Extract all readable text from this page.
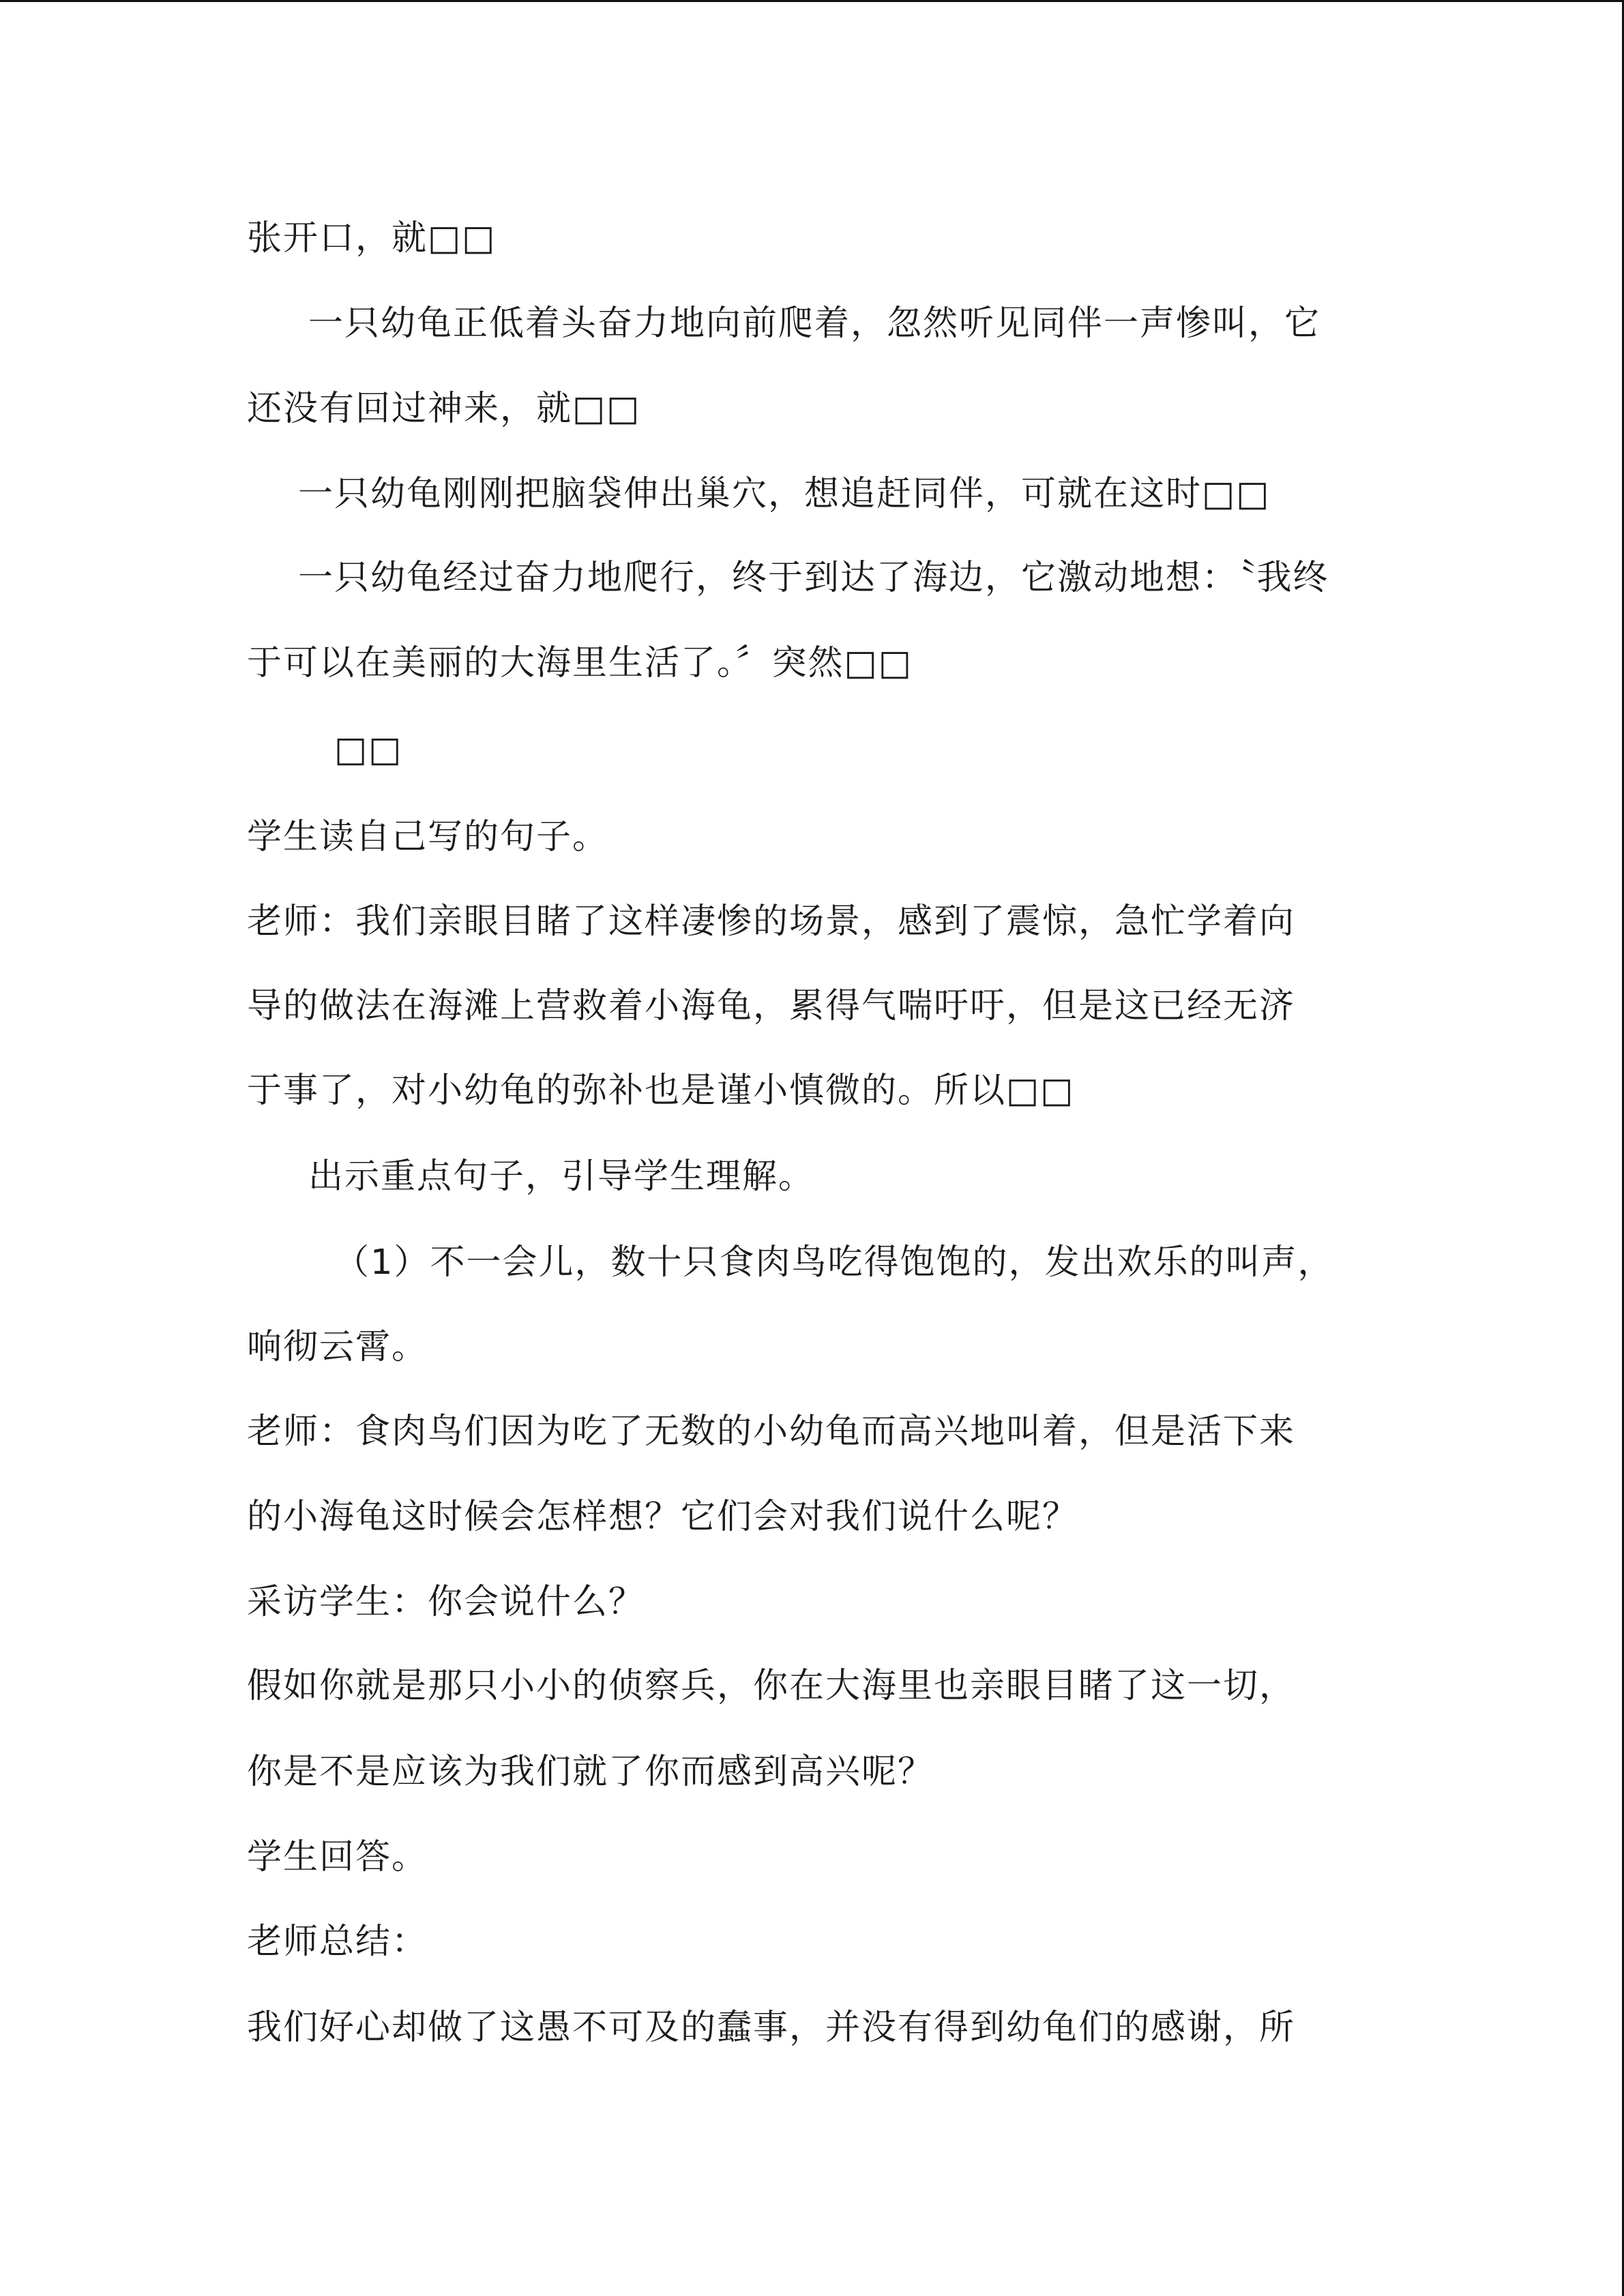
张开口，就□□
一只幼龟正低着头奋力地向前爬着，忽然听见同伴一声惨叫，它
还没有回过神来，就□□
一只幼龟刚刚把脑袋伸出巢穴，想追赶同伴，可就在这时□□
一只幼龟经过奋力地爬行，终于到达了海边，它激动地想：〝我终
于可以在美丽的大海里生活了。〞突然□□
□□
学生读自己写的句子。
老师：我们亲眼目睹了这样凄惨的场景，感到了震惊，急忙学着向
导的做法在海滩上营救着小海龟，累得气喘吁吁，但是这已经无济
于事了，对小幼龟的弥补也是谨小慎微的。所以□□
出示重点句子，引导学生理解。
（1）不一会儿，数十只食肉鸟吃得饱饱的，发出欢乐的叫声，
响彻云霄。
老师：食肉鸟们因为吃了无数的小幼龟而高兴地叫着，但是活下来
的小海龟这时候会怎样想？它们会对我们说什么呢？
采访学生：你会说什么？
假如你就是那只小小的侦察兵，你在大海里也亲眼目睹了这一切，
你是不是应该为我们就了你而感到高兴呢？
学生回答。
老师总结：
我们好心却做了这愚不可及的蠢事，并没有得到幼龟们的感谢，所
